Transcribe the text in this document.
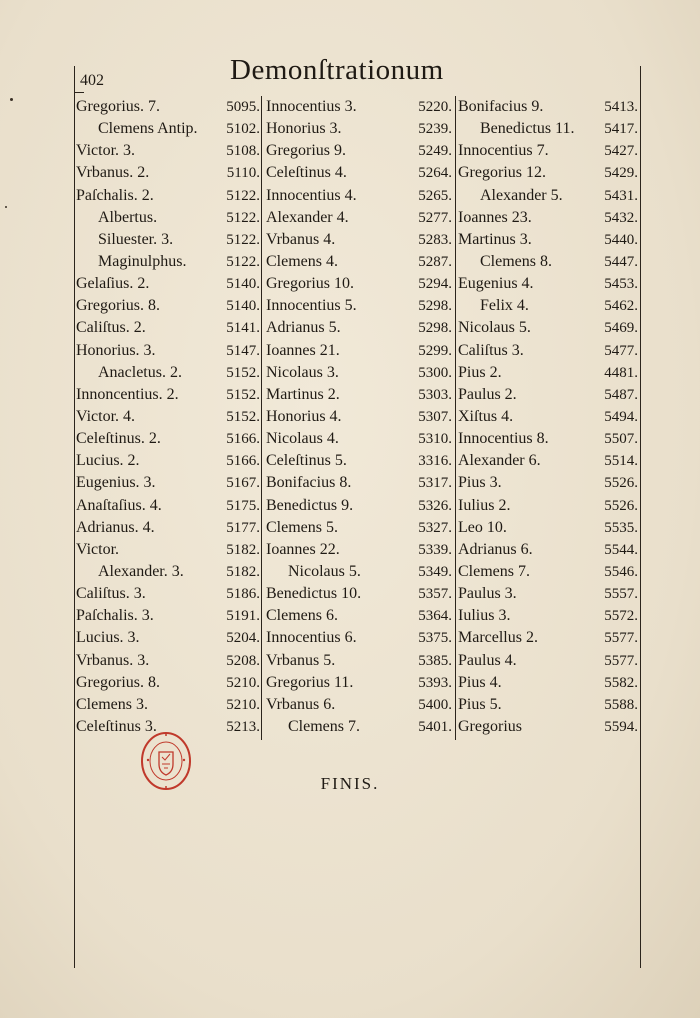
402	Demonſtrationum
Gregorius. 7.	5095.
Clemens Antip. 5102.
Victor. 3.	5108.
Vrbanus. 2.	5110.
Paſchalis. 2.	5122.
Albertus.	5122.
Siluester. 3.	5122.
Maginulphus.	5122.
Gelaſius. 2.	5140.
Gregorius. 8.	5140.
Caliſtus. 2.	5141.
Honorius. 3.	5147.
Anacletus. 2.	5152.
Innoncentius. 2.	5152.
Victor. 4.	5152.
Celeſtinus. 2.	5166.
Lucius. 2.	5166.
Eugenius. 3.	5167.
Anaſtaſius. 4.	5175.
Adrianus. 4.	5177.
Victor.	5182.
Alexander. 3.	5182.
Caliſtus. 3.	5186.
Paſchalis. 3.	5191.
Lucius. 3.	5204.
Vrbanus. 3.	5208.
Gregorius. 8.	5210.
Clemens 3.	5210.
Celeſtinus 3.	5213.
Innocentius 3.	5220.
Honorius 3.	5239.
Gregorius 9.	5249.
Celeſtinus 4.	5264.
Innocentius 4.	5265.
Alexander 4.	5277.
Vrbanus 4.	5283.
Clemens 4.	5287.
Gregorius 10.	5294.
Innocentius 5.	5298.
Adrianus 5.	5298.
Ioannes 21.	5299.
Nicolaus 3.	5300.
Martinus 2.	5303.
Honorius 4.	5307.
Nicolaus 4.	5310.
Celeſtinus 5.	3316.
Bonifacius 8.	5317.
Benedictus 9.	5326.
Clemens 5.	5327.
Ioannes 22.	5339.
Nicolaus 5.	5349.
Benedictus 10.	5357.
Clemens 6.	5364.
Innocentius 6.	5375.
Vrbanus 5.	5385.
Gregorius 11.	5393.
Vrbanus 6.	5400.
Clemens 7.	5401.
Bonifacius 9.	5413.
Benedictus 11. 5417.
Innocentius 7.	5427.
Gregorius 12.	5429.
Alexander 5.	5431.
Ioannes 23.	5432.
Martinus 3.	5440.
Clemens 8.	5447.
Eugenius 4.	5453.
Felix 4.	5462.
Nicolaus 5.	5469.
Caliſtus 3.	5477.
Pius 2.	4481.
Paulus 2.	5487.
Xiſtus 4.	5494.
Innocentius 8.	5507.
Alexander 6.	5514.
Pius 3.	5526.
Iulius 2.	5526.
Leo 10.	5535.
Adrianus 6.	5544.
Clemens 7.	5546.
Paulus 3.	5557.
Iulius 3.	5572.
Marcellus 2.	5577.
Paulus 4.	5577.
Pius 4.	5582.
Pius 5.	5588.
Gregorius	5594.
FINIS.
